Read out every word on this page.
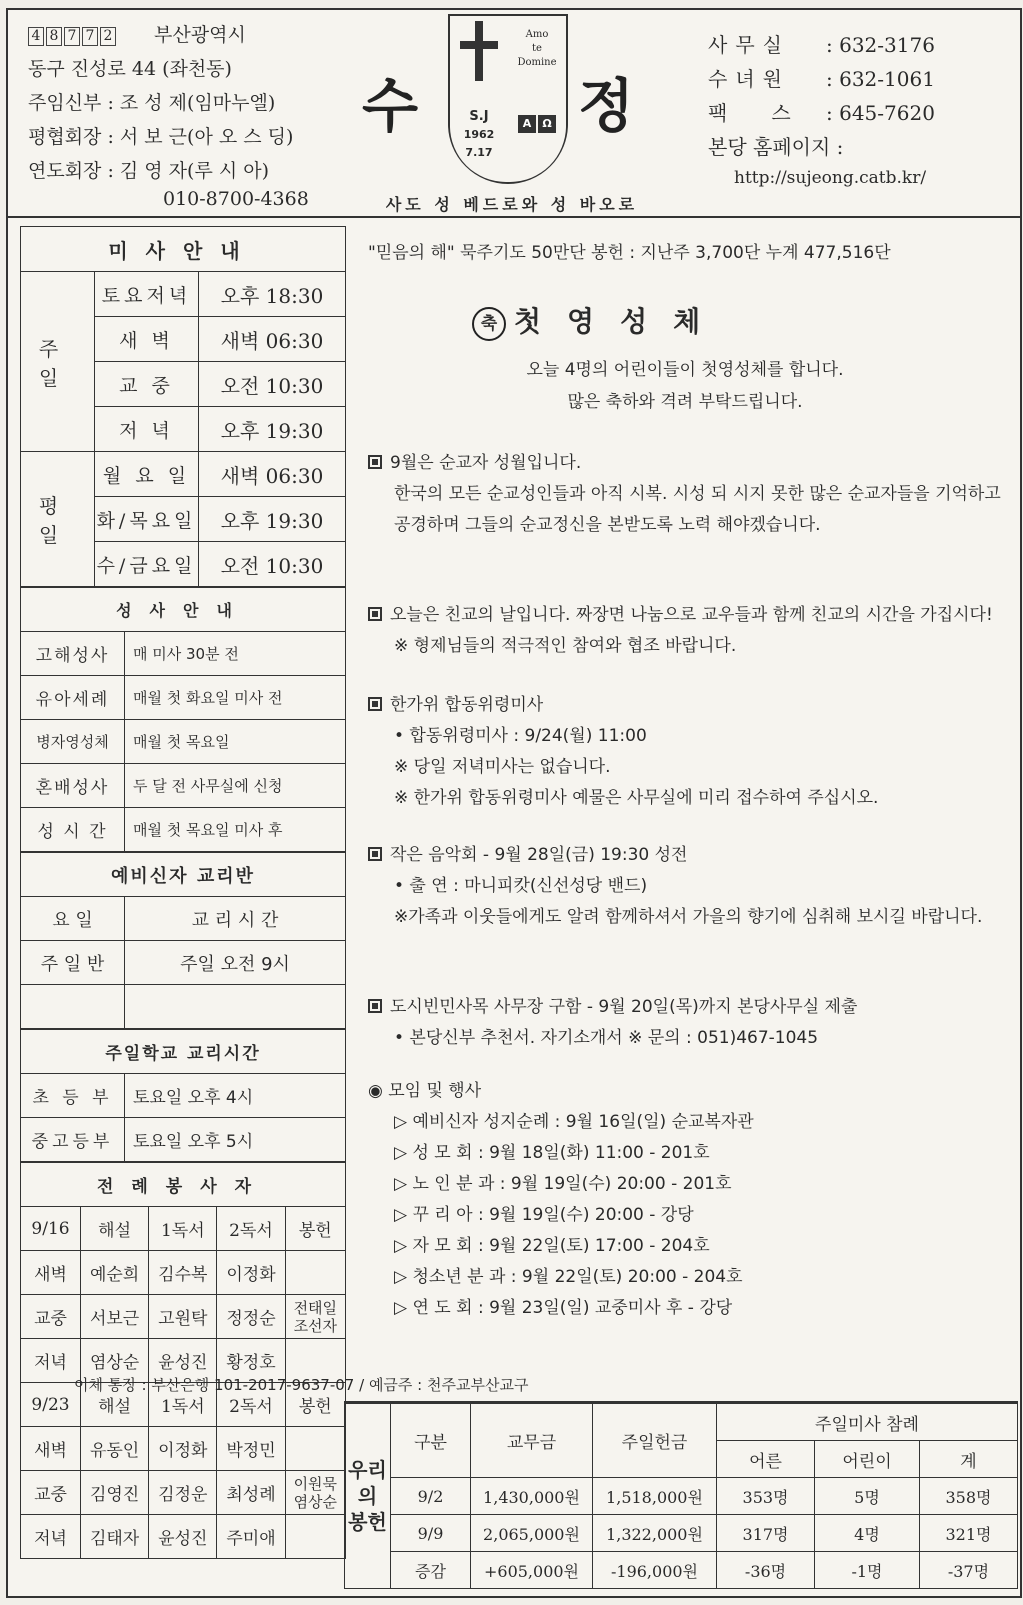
4 8 7 7 2 부산광역시
동구 진성로 44 (좌천동)
주임신부 : 조 성 제(임마누엘)
평협회장 : 서 보 근(아 오 스 딩)
연도회장 : 김 영 자(루 시 아)
010-8700-4368
수
Amo
te
Domine
S.J
1962
7.17
A Ω 정
사도 성 베드로와 성 바오로
사무실 : 632-3176
수녀원 : 632-1061
팩스: 645-7620
본당 홈페이지 :
http://sujeong.catb.kr/
미사안내		
주일	토요저녁	오후 18:30
	새 벽	새벽 06:30
	교 중	오전 10:30
	저 녁	오후 19:30
평일	월 요 일	새벽 06:30
	화/목요일	오후 19:30
	수/금요일	오전 10:30
성사안내	
고해성사	매 미사 30분 전
유아세례	매월 첫 화요일 미사 전
병자영성체	매월 첫 목요일
혼배성사	두 달 전 사무실에 신청
성 시 간	매월 첫 목요일 미사 후
예비신자 교리반	
요 일	교 리 시 간
주 일 반	주일 오전 9시

주일학교 교리시간	
초 등 부	토요일 오후 4시
중고등부	토요일 오후 5시
전례봉사자				
9/16	해설	1독서	2독서	봉헌
새벽	예순희	김수복	이정화	
교중	서보근	고원탁	정정순	전태일
조선자
저녁	염상순	윤성진	황정호	
9/23	해설	1독서	2독서	봉헌
새벽	유동인	이정화	박정민	
교중	김영진	김정운	최성례	이원묵
염상순
저녁	김태자	윤성진	주미애	
"믿음의 해" 묵주기도 50만단 봉헌 : 지난주 3,700단 누계 477,516단
축 첫영성체

오늘 4명의 어린이들이 첫영성체를 합니다.

많은 축하와 격려 부탁드립니다.

9월은 순교자 성월입니다.

한국의 모든 순교성인들과 아직 시복. 시성 되 시지 못한 많은 순교자들을 기억하고 공경하며 그들의 순교정신을 본받도록 노력 해야겠습니다.

오늘은 친교의 날입니다. 짜장면 나눔으로 교우들과 함께 친교의 시간을 가집시다! ※ 형제님들의 적극적인 참여와 협조 바랍니다.

한가위 합동위령미사

• 합동위령미사 : 9/24(월) 11:00

※ 당일 저녁미사는 없습니다.

※ 한가위 합동위령미사 예물은 사무실에 미리 접수하여 주십시오.

작은 음악회 - 9월 28일(금) 19:30 성전

• 출 연 : 마니피캇(신선성당 밴드)

※가족과 이웃들에게도 알려 함께하셔서 가을의 향기에 심취해 보시길 바랍니다.

도시빈민사목 사무장 구함 - 9월 20일(목)까지 본당사무실 제출

• 본당신부 추천서. 자기소개서 ※ 문의 : 051)467-1045

◉ 모임 및 행사

▷ 예비신자 성지순례 : 9월 16일(일) 순교복자관

▷ 성 모 회 : 9월 18일(화) 11:00 - 201호

▷ 노 인 분 과 : 9월 19일(수) 20:00 - 201호

▷ 꾸 리 아 : 9월 19일(수) 20:00 - 강당

▷ 자 모 회 : 9월 22일(토) 17:00 - 204호

▷ 청소년 분 과 : 9월 22일(토) 20:00 - 204호

▷ 연 도 회 : 9월 23일(일) 교중미사 후 - 강당

이체 통장 : 부산은행 101-2017-9637-07 / 예금주 : 천주교부산교구
우리의 봉헌	구분	교무금	주일헌금	주일미사 참례		
				어른	어린이	계
	9/2	1,430,000원	1,518,000원	353명	5명	358명
	9/9	2,065,000원	1,322,000원	317명	4명	321명
	증감	+605,000원	-196,000원	-36명	-1명	-37명
